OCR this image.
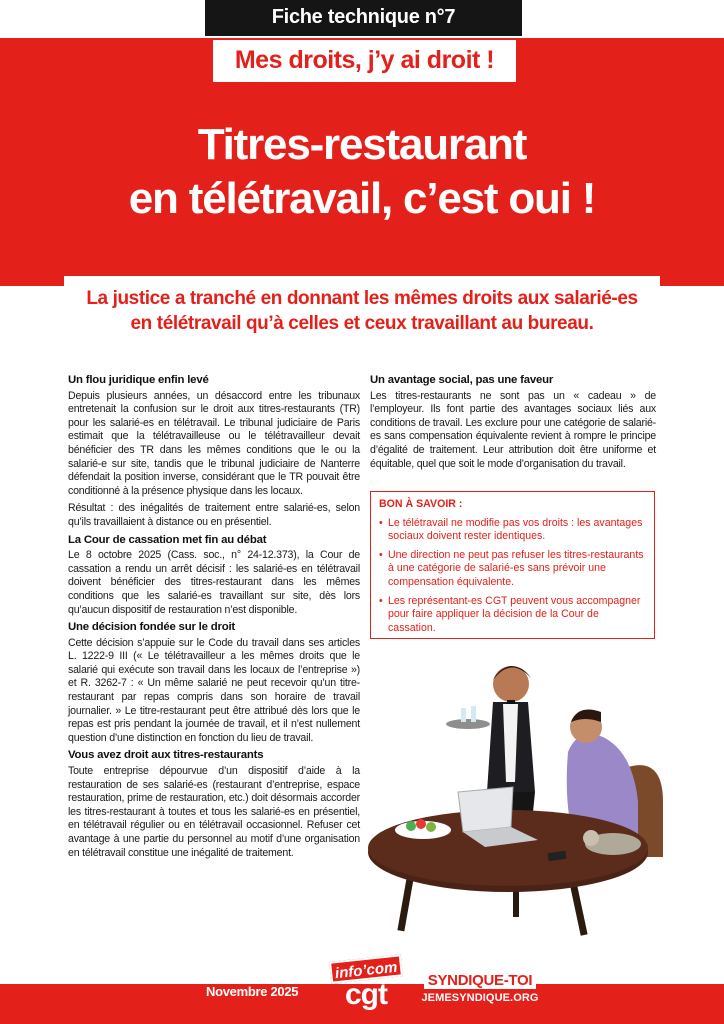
Fiche technique n°7
Mes droits, j’y ai droit !
Titres-restaurant
en télétravail, c’est oui !
La justice a tranché en donnant les mêmes droits aux salarié-es
en télétravail qu’à celles et ceux travaillant au bureau.
Un flou juridique enfin levé

Depuis plusieurs années, un désaccord entre les tribunaux entretenait la confusion sur le droit aux titres-restaurants (TR) pour les salarié-es en télétravail. Le tribunal judiciaire de Paris estimait que la télétravailleuse ou le télétravailleur devait bénéficier des TR dans les mêmes conditions que le ou la salarié-e sur site, tandis que le tribunal judiciaire de Nanterre défendait la position inverse, considérant que le TR pouvait être conditionné à la présence physique dans les locaux.

Résultat : des inégalités de traitement entre salarié-es, selon qu’ils travaillaient à distance ou en présentiel.

La Cour de cassation met fin au débat

Le 8 octobre 2025 (Cass. soc., n° 24-12.373), la Cour de cassation a rendu un arrêt décisif : les salarié-es en télétravail doivent bénéficier des titres-restaurant dans les mêmes conditions que les salarié-es travaillant sur site, dès lors qu’aucun dispositif de restauration n’est disponible.

Une décision fondée sur le droit

Cette décision s’appuie sur le Code du travail dans ses articles L. 1222-9 III (« Le télétravailleur a les mêmes droits que le salarié qui exécute son travail dans les locaux de l’entreprise ») et R. 3262-7 : « Un même salarié ne peut recevoir qu’un titre-restaurant par repas compris dans son horaire de travail journalier. » Le titre-restaurant peut être attribué dès lors que le repas est pris pendant la journée de travail, et il n’est nullement question d’une distinction en fonction du lieu de travail.

Vous avez droit aux titres-restaurants

Toute entreprise dépourvue d’un dispositif d’aide à la restauration de ses salarié-es (restaurant d’entreprise, espace restauration, prime de restauration, etc.) doit désormais accorder les titres-restaurant à toutes et tous les salarié-es en présentiel, en télétravail régulier ou en télétravail occasionnel. Refuser cet avantage à une partie du personnel au motif d’une organisation en télétravail constitue une inégalité de traitement.

Un avantage social, pas une faveur

Les titres-restaurants ne sont pas un « cadeau » de l’employeur. Ils font partie des avantages sociaux liés aux conditions de travail. Les exclure pour une catégorie de salarié-es sans compensation équivalente revient à rompre le principe d’égalité de traitement. Leur attribution doit être uniforme et équitable, quel que soit le mode d’organisation du travail.

BON À SAVOIR :
• Le télétravail ne modifie pas vos droits : les avantages sociaux doivent rester identiques.
• Une direction ne peut pas refuser les titres-restaurants à une catégorie de salarié-es sans prévoir une compensation équivalente.
• Les représentant-es CGT peuvent vous accompagner pour faire appliquer la décision de la Cour de cassation.
Novembre 2025
info’com
cgt	SYNDIQUE-TOI
JEMESYNDIQUE.ORG
